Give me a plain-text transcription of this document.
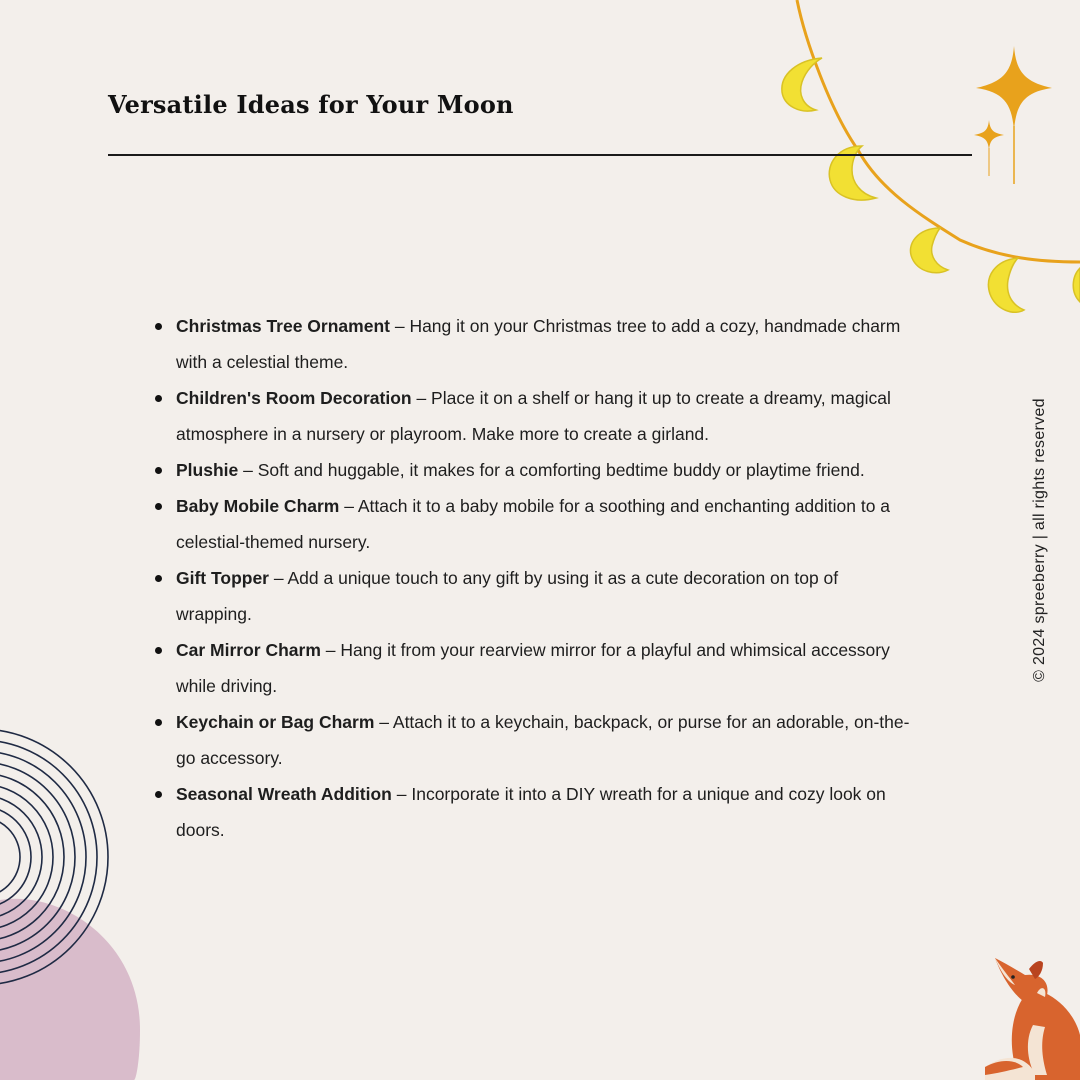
Versatile Ideas for Your Moon
Christmas Tree Ornament – Hang it on your Christmas tree to add a cozy, handmade charm with a celestial theme.
Children's Room Decoration – Place it on a shelf or hang it up to create a dreamy, magical atmosphere in a nursery or playroom. Make more to create a girland.
Plushie – Soft and huggable, it makes for a comforting bedtime buddy or playtime friend.
Baby Mobile Charm – Attach it to a baby mobile for a soothing and enchanting addition to a celestial-themed nursery.
Gift Topper – Add a unique touch to any gift by using it as a cute decoration on top of wrapping.
Car Mirror Charm – Hang it from your rearview mirror for a playful and whimsical accessory while driving.
Keychain or Bag Charm – Attach it to a keychain, backpack, or purse for an adorable, on-the-go accessory.
Seasonal Wreath Addition – Incorporate it into a DIY wreath for a unique and cozy look on doors.
© 2024 spreeberry | all rights reserved
